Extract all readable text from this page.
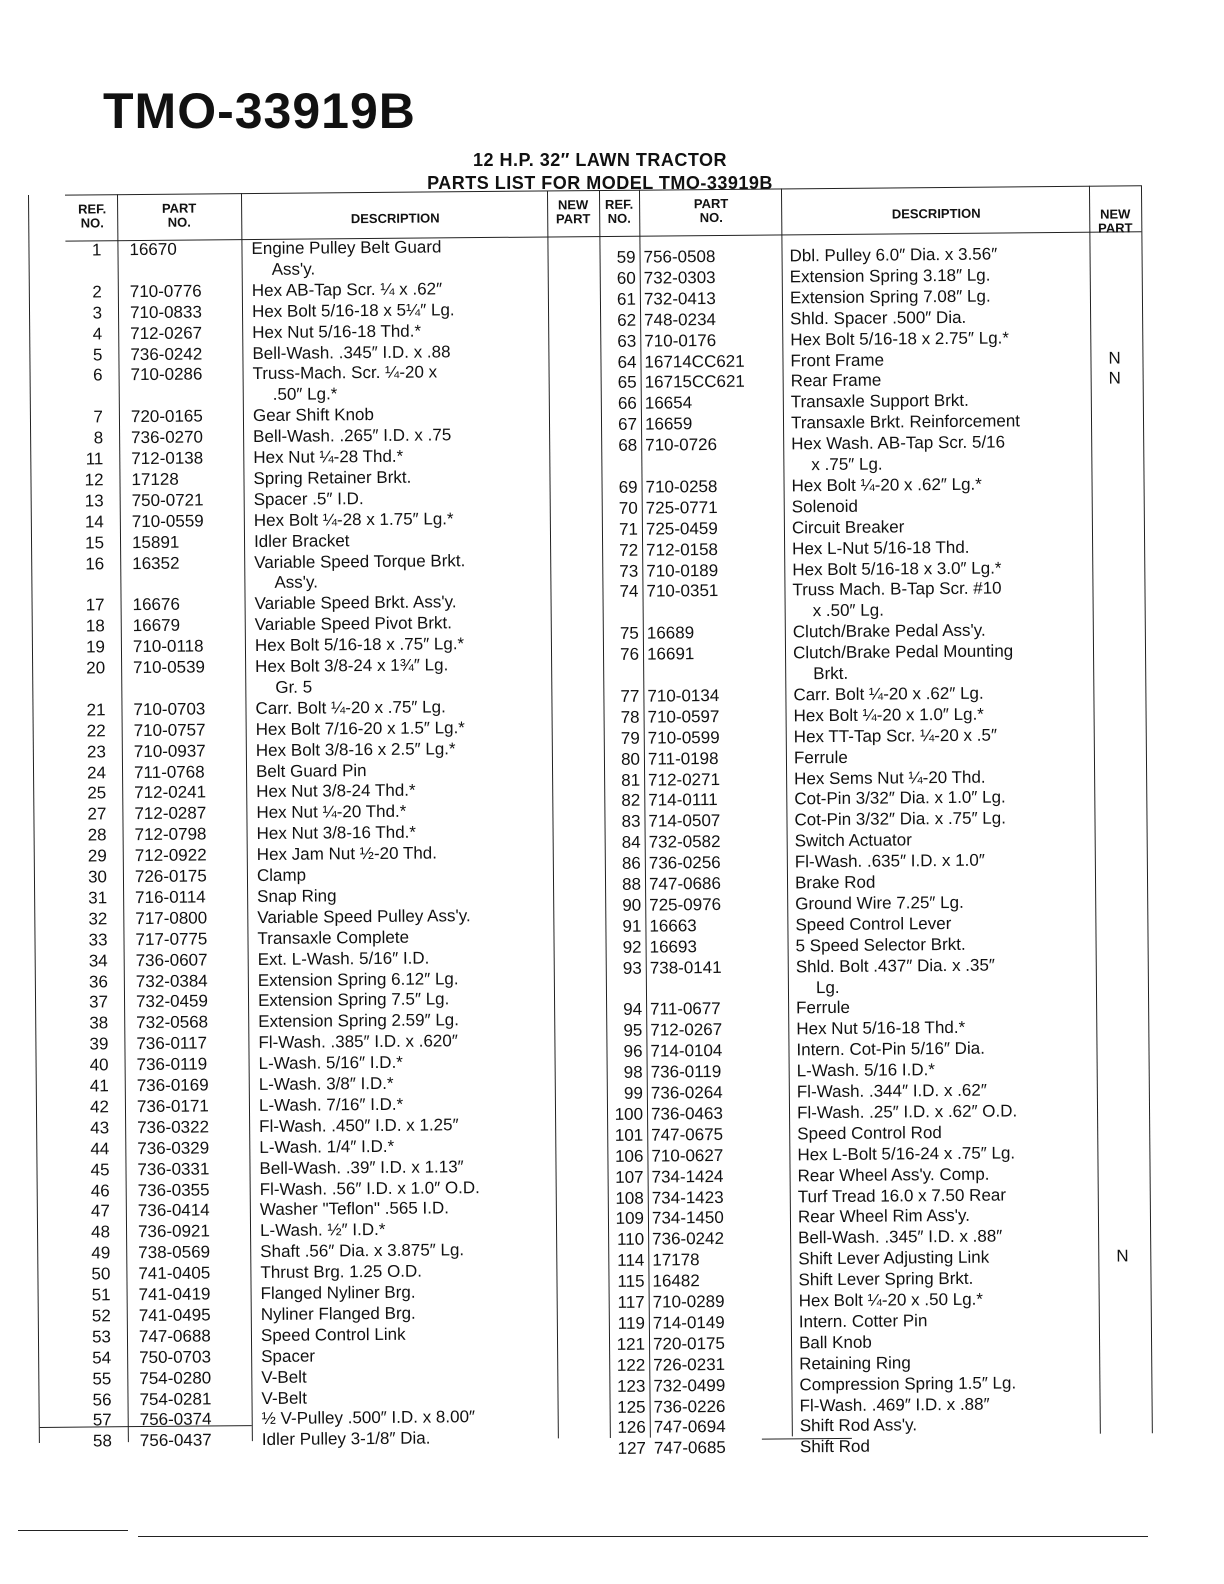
TMO-33919B
12 H.P. 32″ LAWN TRACTOR
PARTS LIST FOR MODEL TMO-33919B
REF.
NO.
PART
NO.	DESCRIPTION
NEW
PART
REF.
NO.
PART
NO.	DESCRIPTION	NEW
PART
1 16670	Engine Pulley Belt Guard
Ass'y.
2 710-0776	Hex AB-Tap Scr. ¼ x .62″
3 710-0833	Hex Bolt 5/16-18 x 5¼″ Lg.
4 712-0267	Hex Nut 5/16-18 Thd.*
5 736-0242	Bell-Wash. .345″ I.D. x .88
6 710-0286	Truss-Mach. Scr. ¼-20 x
.50″ Lg.*
7 720-0165	Gear Shift Knob
8 736-0270	Bell-Wash. .265″ I.D. x .75
11 712-0138	Hex Nut ¼-28 Thd.*
12 17128	Spring Retainer Brkt.
13 750-0721	Spacer .5″ I.D.
14 710-0559	Hex Bolt ¼-28 x 1.75″ Lg.*
15 15891	Idler Bracket
16 16352	Variable Speed Torque Brkt.
Ass'y.
17 16676	Variable Speed Brkt. Ass'y.
18 16679	Variable Speed Pivot Brkt.
19 710-0118	Hex Bolt 5/16-18 x .75″ Lg.*
20 710-0539	Hex Bolt 3/8-24 x 1¾″ Lg.
Gr. 5
21 710-0703	Carr. Bolt ¼-20 x .75″ Lg.
22 710-0757	Hex Bolt 7/16-20 x 1.5″ Lg.*
23 710-0937	Hex Bolt 3/8-16 x 2.5″ Lg.*
24 711-0768	Belt Guard Pin
25 712-0241	Hex Nut 3/8-24 Thd.*
27 712-0287	Hex Nut ¼-20 Thd.*
28 712-0798	Hex Nut 3/8-16 Thd.*
29 712-0922	Hex Jam Nut ½-20 Thd.
30 726-0175	Clamp
31 716-0114	Snap Ring
32 717-0800	Variable Speed Pulley Ass'y.
33 717-0775	Transaxle Complete
34 736-0607	Ext. L-Wash. 5/16″ I.D.
36 732-0384	Extension Spring 6.12″ Lg.
37 732-0459	Extension Spring 7.5″ Lg.
38 732-0568	Extension Spring 2.59″ Lg.
39 736-0117	Fl-Wash. .385″ I.D. x .620″
40 736-0119	L-Wash. 5/16″ I.D.*
41 736-0169	L-Wash. 3/8″ I.D.*
42 736-0171	L-Wash. 7/16″ I.D.*
43 736-0322	Fl-Wash. .450″ I.D. x 1.25″
44 736-0329	L-Wash. 1/4″ I.D.*
45 736-0331	Bell-Wash. .39″ I.D. x 1.13″
46 736-0355	Fl-Wash. .56″ I.D. x 1.0″ O.D.
47 736-0414	Washer "Teflon" .565 I.D.
48 736-0921	L-Wash. ½″ I.D.*
49 738-0569	Shaft .56″ Dia. x 3.875″ Lg.
50 741-0405	Thrust Brg. 1.25 O.D.
51 741-0419	Flanged Nyliner Brg.
52 741-0495	Nyliner Flanged Brg.
53 747-0688	Speed Control Link
54 750-0703	Spacer
55 754-0280	V-Belt
56 754-0281	V-Belt
57 756-0374	½ V-Pulley .500″ I.D. x 8.00″
58 756-0437	Idler Pulley 3-1/8″ Dia.
59 756-0508	Dbl. Pulley 6.0″ Dia. x 3.56″
60 732-0303	Extension Spring 3.18″ Lg.
61 732-0413	Extension Spring 7.08″ Lg.
62 748-0234	Shld. Spacer .500″ Dia.
63 710-0176	Hex Bolt 5/16-18 x 2.75″ Lg.*
64 16714CC621	Front Frame	N
65 16715CC621	Rear Frame	N
66 16654	Transaxle Support Brkt.
67 16659	Transaxle Brkt. Reinforcement
68 710-0726	Hex Wash. AB-Tap Scr. 5/16
x .75″ Lg.
69 710-0258	Hex Bolt ¼-20 x .62″ Lg.*
70 725-0771	Solenoid
71 725-0459	Circuit Breaker
72 712-0158	Hex L-Nut 5/16-18 Thd.
73 710-0189	Hex Bolt 5/16-18 x 3.0″ Lg.*
74 710-0351	Truss Mach. B-Tap Scr. #10
x .50″ Lg.
75 16689	Clutch/Brake Pedal Ass'y.
76 16691	Clutch/Brake Pedal Mounting
Brkt.
77 710-0134	Carr. Bolt ¼-20 x .62″ Lg.
78 710-0597	Hex Bolt ¼-20 x 1.0″ Lg.*
79 710-0599	Hex TT-Tap Scr. ¼-20 x .5″
80 711-0198	Ferrule
81 712-0271	Hex Sems Nut ¼-20 Thd.
82 714-0111	Cot-Pin 3/32″ Dia. x 1.0″ Lg.
83 714-0507	Cot-Pin 3/32″ Dia. x .75″ Lg.
84 732-0582	Switch Actuator
86 736-0256	Fl-Wash. .635″ I.D. x 1.0″
88 747-0686	Brake Rod
90 725-0976	Ground Wire 7.25″ Lg.
91 16663	Speed Control Lever
92 16693	5 Speed Selector Brkt.
93 738-0141	Shld. Bolt .437″ Dia. x .35″
Lg.
94 711-0677	Ferrule
95 712-0267	Hex Nut 5/16-18 Thd.*
96 714-0104	Intern. Cot-Pin 5/16″ Dia.
98 736-0119	L-Wash. 5/16 I.D.*
99 736-0264	Fl-Wash. .344″ I.D. x .62″
100 736-0463	Fl-Wash. .25″ I.D. x .62″ O.D.
101 747-0675	Speed Control Rod
106 710-0627	Hex L-Bolt 5/16-24 x .75″ Lg.
107 734-1424	Rear Wheel Ass'y. Comp.
108 734-1423	Turf Tread 16.0 x 7.50 Rear
109 734-1450	Rear Wheel Rim Ass'y.
110 736-0242	Bell-Wash. .345″ I.D. x .88″
114 17178	Shift Lever Adjusting Link	N
115 16482	Shift Lever Spring Brkt.
117 710-0289	Hex Bolt ¼-20 x .50 Lg.*
119 714-0149	Intern. Cotter Pin
121 720-0175	Ball Knob
122 726-0231	Retaining Ring
123 732-0499	Compression Spring 1.5″ Lg.
125 736-0226	Fl-Wash. .469″ I.D. x .88″
126 747-0694	Shift Rod Ass'y.
127 747-0685	Shift Rod
